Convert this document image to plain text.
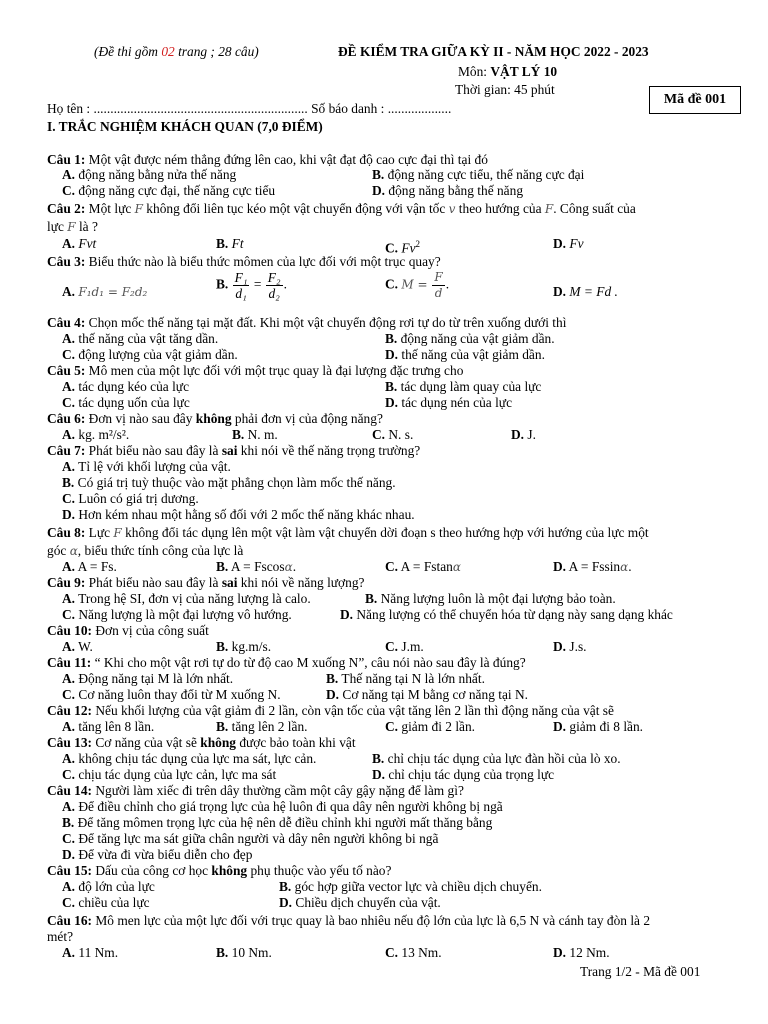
(Đề thi gồm 02 trang ; 28 câu)	ĐỀ KIỂM TRA GIỮA KỲ II - NĂM HỌC 2022 - 2023
Môn: VẬT LÝ 10
Thời gian: 45 phút
Mã đề 001
Họ tên : ................................................................ Số báo danh : ...................
I. TRẮC NGHIỆM KHÁCH QUAN (7,0 ĐIỂM)
Câu 1: Một vật được ném thẳng đứng lên cao, khi vật đạt độ cao cực đại thì tại đó
A. động năng bằng nửa thế năng	B. động năng cực tiểu, thế năng cực đại
C. động năng cực đại, thế năng cực tiểu	D. động năng bằng thế năng
Câu 2: Một lực F không đổi liên tục kéo một vật chuyển động với vận tốc v theo hướng của F. Công suất của
lực F là ?
A. Fvt	B. Ft	C. Fv$^2$	D. Fv
Câu 3: Biểu thức nào là biểu thức mômen của lực đối với một trục quay?
A. F₁d₁ = F₂d₂
B. $\frac{\text{F₁}}{\text{d₁}} = \frac{\text{F₂}}{\text{d₂}}$ .	C. $M = \frac{F}{d}$ .	D. M = Fd .
Câu 4: Chọn mốc thế năng tại mặt đất. Khi một vật chuyển động rơi tự do từ trên xuống dưới thì
A. thế năng của vật tăng dần.	B. động năng của vật giảm dần.
C. động lượng của vật giảm dần.	D. thế năng của vật giảm dần.
Câu 5: Mô men của một lực đối với một trục quay là đại lượng đặc trưng cho
A. tác dụng kéo của lực	B. tác dụng làm quay của lực
C. tác dụng uốn của lực	D. tác dụng nén của lực
Câu 6: Đơn vị nào sau đây không phải đơn vị của động năng?
A. kg. m²/s².	B. N. m.	C. N. s.	D. J.
Câu 7: Phát biểu nào sau đây là sai khi nói về thế năng trọng trường?
A. Tỉ lệ với khối lượng của vật.
B. Có giá trị tuỳ thuộc vào mặt phẳng chọn làm mốc thế năng.
C. Luôn có giá trị dương.
D. Hơn kém nhau một hằng số đối với 2 mốc thế năng khác nhau.
Câu 8: Lực F không đổi tác dụng lên một vật làm vật chuyển dời đoạn s theo hướng hợp với hướng của lực một
góc α, biểu thức tính công của lực là
A. A = Fs.	B. A = Fscosα.	C. A = Fstanα	D. A = Fssinα.
Câu 9: Phát biểu nào sau đây là sai khi nói về năng lượng?
A. Trong hệ SI, đơn vị của năng lượng là calo.	B. Năng lượng luôn là một đại lượng bảo toàn.
C. Năng lượng là một đại lượng vô hướng.	D. Năng lượng có thể chuyển hóa từ dạng này sang dạng khác
Câu 10: Đơn vị của công suất
A. W.	B. kg.m/s.	C. J.m.	D. J.s.
Câu 11: “ Khi cho một vật rơi tự do từ độ cao M xuống N”, câu nói nào sau đây là đúng?
A. Động năng tại M là lớn nhất.	B. Thế năng tại N là lớn nhất.
C. Cơ năng luôn thay đổi từ M xuống N.	D. Cơ năng tại M bằng cơ năng tại N.
Câu 12: Nếu khối lượng của vật giảm đi 2 lần, còn vận tốc của vật tăng lên 2 lần thì động năng của vật sẽ
A. tăng lên 8 lần.	B. tăng lên 2 lần.	C. giảm đi 2 lần.	D. giảm đi 8 lần.
Câu 13: Cơ năng của vật sẽ không được bảo toàn khi vật
A. không chịu tác dụng của lực ma sát, lực cản.	B. chỉ chịu tác dụng của lực đàn hồi của lò xo.
C. chịu tác dụng của lực cản, lực ma sát	D. chỉ chịu tác dụng của trọng lực
Câu 14: Người làm xiếc đi trên dây thường cầm một cây gậy nặng để làm gì?
A. Để điều chỉnh cho giá trọng lực của hệ luôn đi qua dây nên người không bị ngã
B. Để tăng mômen trọng lực của hệ nên dễ điều chỉnh khi người mất thăng bằng
C. Để tăng lực ma sát giữa chân người và dây nên người không bi ngã
D. Để vừa đi vừa biểu diễn cho đẹp
Câu 15: Dấu của công cơ học không phụ thuộc vào yếu tố nào?
A. độ lớn của lực	B. góc hợp giữa vector lực và chiều dịch chuyển.
C. chiều của lực	D. Chiều dịch chuyển của vật.
Câu 16: Mô men lực của một lực đối với trục quay là bao nhiêu nếu độ lớn của lực là 6,5 N và cánh tay đòn là 2
mét?
A. 11 Nm.	B. 10 Nm.	C. 13 Nm.	D. 12 Nm.
Trang 1/2 - Mã đề 001
